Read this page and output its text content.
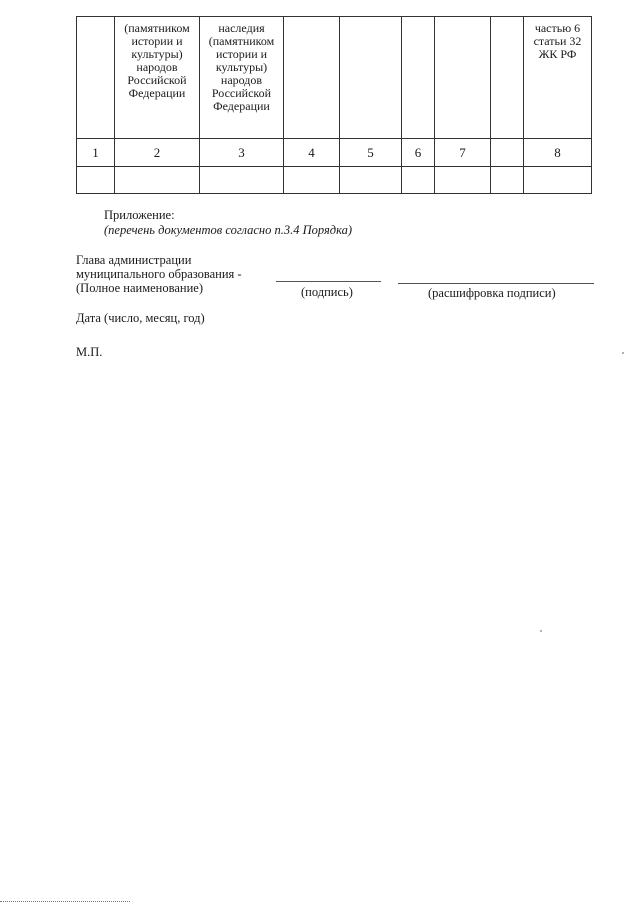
	(памятником истории и культуры) народов Российской Федерации	наследия (памятником истории и культуры) народов Российской Федерации						частью 6 статьи 32 ЖК РФ

1	2	3	4	5	6	7		8

Приложение:
(перечень документов согласно п.3.4 Порядка)
Глава администрации
муниципального образования -
(Полное наименование)	(подпись)	(расшифровка подписи)
Дата (число, месяц, год)
М.П.
